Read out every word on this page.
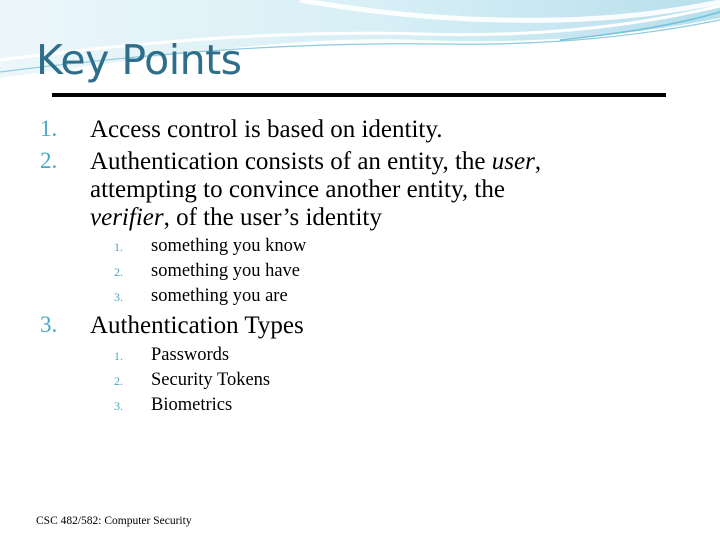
Key Points
1. Access control is based on identity.
2. Authentication consists of an entity, the user,
attempting to convince another entity, the
verifier, of the user’s identity
1. something you know
2. something you have
3. something you are
3. Authentication Types
1. Passwords
2. Security Tokens
3. Biometrics
CSC 482/582: Computer Security
